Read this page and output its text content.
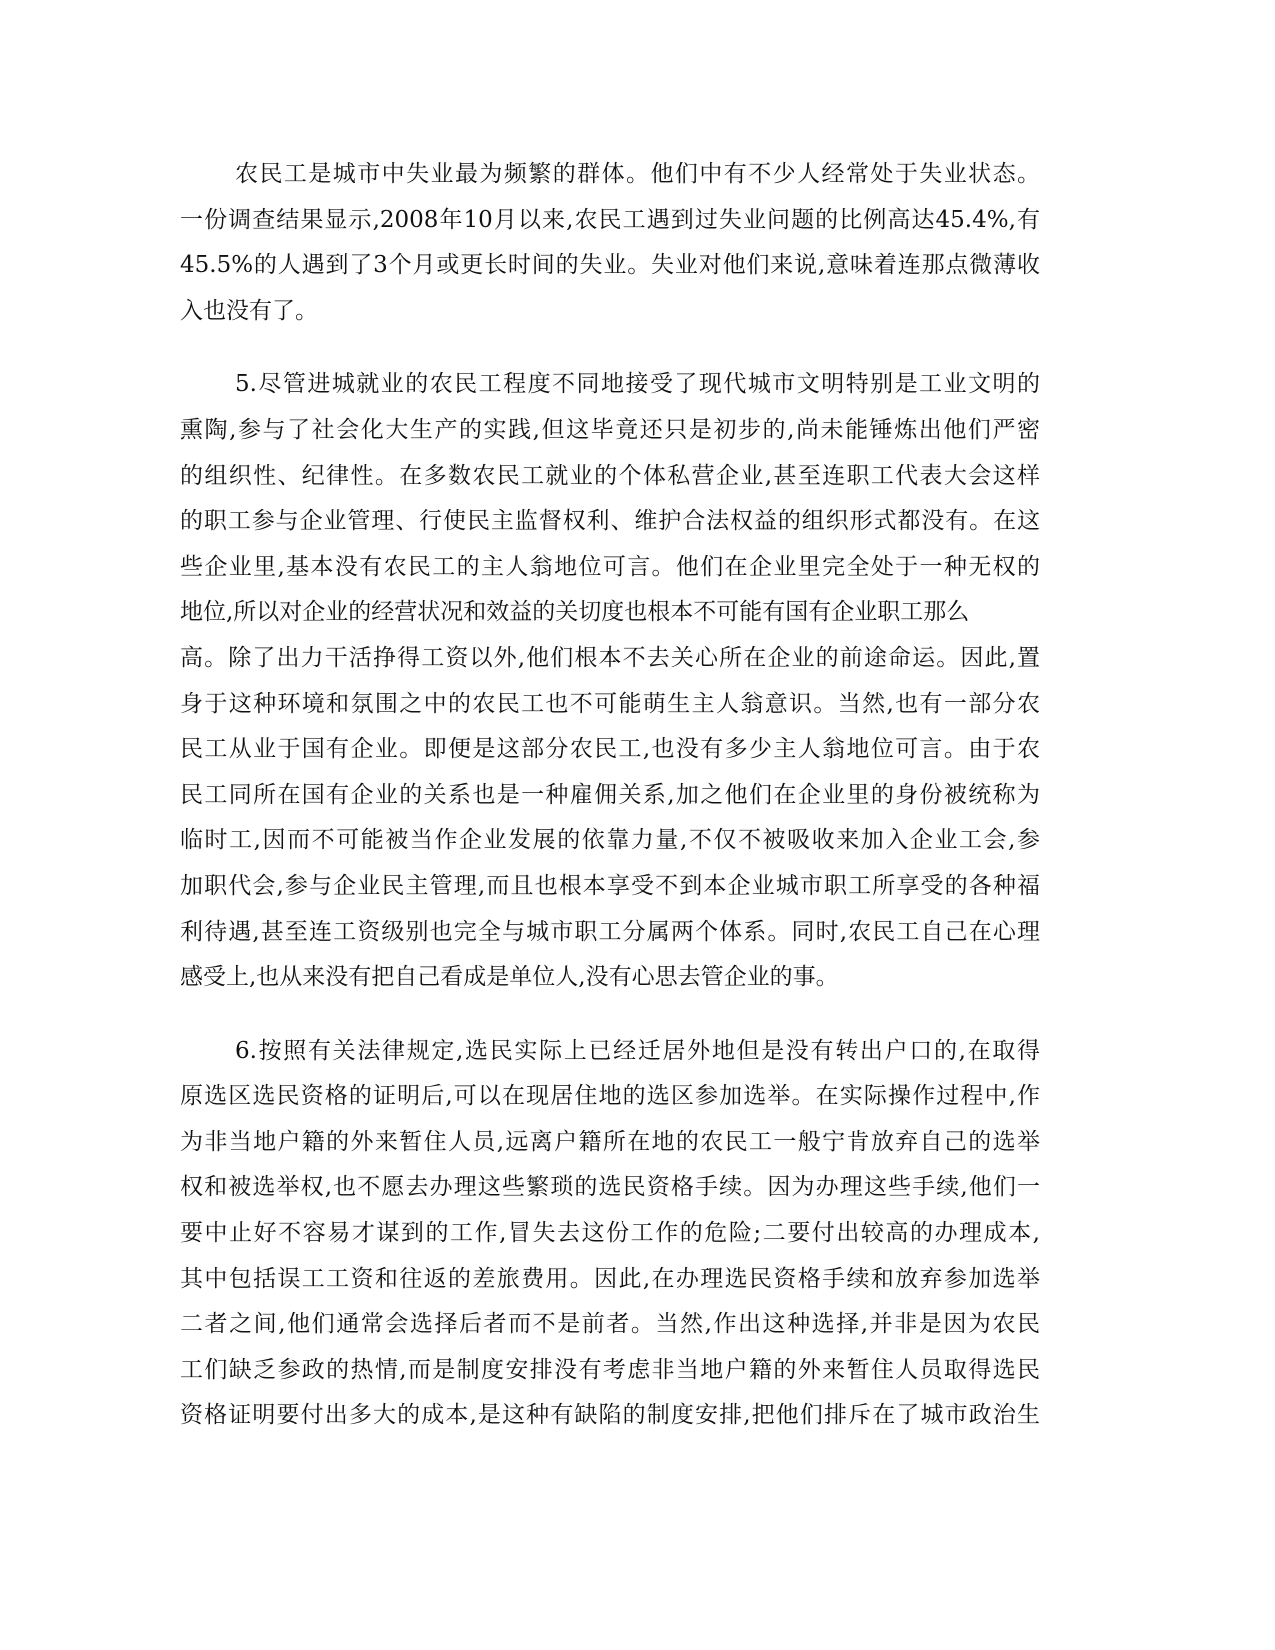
农民工是城市中失业最为频繁的群体。他们中有不少人经常处于失业状态。
一份调查结果显示,2008年10月以来,农民工遇到过失业问题的比例高达45.4%,有
45.5%的人遇到了3个月或更长时间的失业。失业对他们来说,意味着连那点微薄收
入也没有了。
5.尽管进城就业的农民工程度不同地接受了现代城市文明特别是工业文明的
熏陶,参与了社会化大生产的实践,但这毕竟还只是初步的,尚未能锤炼出他们严密
的组织性、纪律性。在多数农民工就业的个体私营企业,甚至连职工代表大会这样
的职工参与企业管理、行使民主监督权利、维护合法权益的组织形式都没有。在这
些企业里,基本没有农民工的主人翁地位可言。他们在企业里完全处于一种无权的
地位,所以对企业的经营状况和效益的关切度也根本不可能有国有企业职工那么
高。除了出力干活挣得工资以外,他们根本不去关心所在企业的前途命运。因此,置
身于这种环境和氛围之中的农民工也不可能萌生主人翁意识。当然,也有一部分农
民工从业于国有企业。即便是这部分农民工,也没有多少主人翁地位可言。由于农
民工同所在国有企业的关系也是一种雇佣关系,加之他们在企业里的身份被统称为
临时工,因而不可能被当作企业发展的依靠力量,不仅不被吸收来加入企业工会,参
加职代会,参与企业民主管理,而且也根本享受不到本企业城市职工所享受的各种福
利待遇,甚至连工资级别也完全与城市职工分属两个体系。同时,农民工自己在心理
感受上,也从来没有把自己看成是单位人,没有心思去管企业的事。
6.按照有关法律规定,选民实际上已经迁居外地但是没有转出户口的,在取得
原选区选民资格的证明后,可以在现居住地的选区参加选举。在实际操作过程中,作
为非当地户籍的外来暂住人员,远离户籍所在地的农民工一般宁肯放弃自己的选举
权和被选举权,也不愿去办理这些繁琐的选民资格手续。因为办理这些手续,他们一
要中止好不容易才谋到的工作,冒失去这份工作的危险;二要付出较高的办理成本,
其中包括误工工资和往返的差旅费用。因此,在办理选民资格手续和放弃参加选举
二者之间,他们通常会选择后者而不是前者。当然,作出这种选择,并非是因为农民
工们缺乏参政的热情,而是制度安排没有考虑非当地户籍的外来暂住人员取得选民
资格证明要付出多大的成本,是这种有缺陷的制度安排,把他们排斥在了城市政治生
